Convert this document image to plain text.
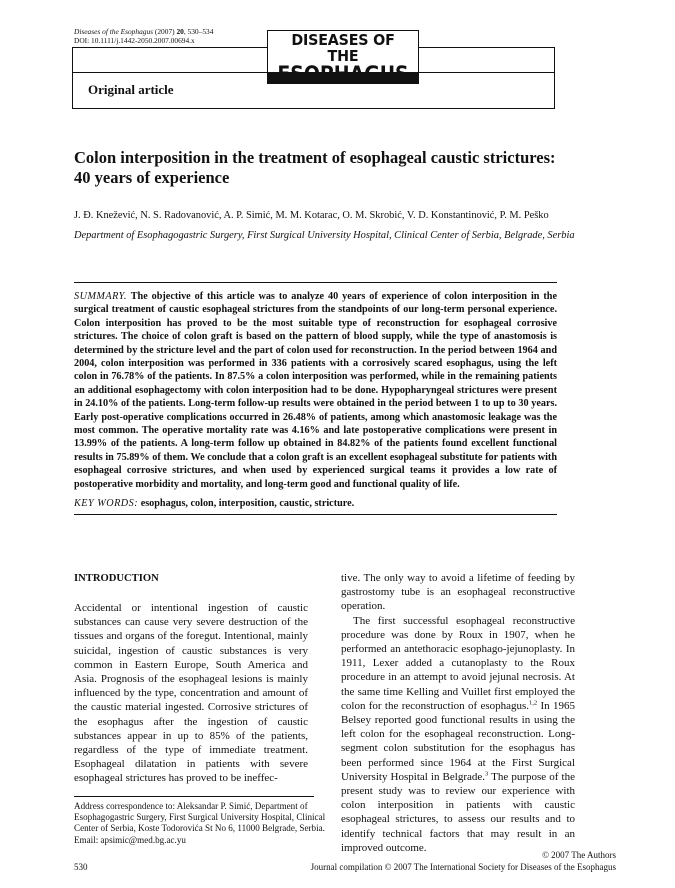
Diseases of the Esophagus (2007) 20, 530–534
DOI: 10.1111/j.1442-2050.2007.00694.x
Original article
DISEASES OF THE
Colon interposition in the treatment of esophageal caustic strictures:
40 years of experience
J. Đ. Knežević, N. S. Radovanović, A. P. Simić, M. M. Kotarac, O. M. Skrobić, V. D. Konstantinović, P. M. Peško
Department of Esophagogastric Surgery, First Surgical University Hospital, Clinical Center of Serbia, Belgrade, Serbia
SUMMARY. The objective of this article was to analyze 40 years of experience of colon interposition in the surgical treatment of caustic esophageal strictures from the standpoints of our long-term personal experience. Colon interposition has proved to be the most suitable type of reconstruction for esophageal corrosive strictures. The choice of colon graft is based on the pattern of blood supply, while the type of anastomosis is determined by the stricture level and the part of colon used for reconstruction. In the period between 1964 and 2004, colon interposition was performed in 336 patients with a corrosively scared esophagus, using the left colon in 76.78% of the patients. In 87.5% a colon interposition was performed, while in the remaining patients an additional esophagectomy with colon interposition had to be done. Hypopharyngeal strictures were present in 24.10% of the patients. Long-term follow-up results were obtained in the period between 1 to up to 30 years. Early post-operative complications occurred in 26.48% of patients, among which anastomosic leakage was the most common. The operative mortality rate was 4.16% and late postoperative complications were present in 13.99% of the patients. A long-term follow up obtained in 84.82% of the patients found excellent functional results in 75.89% of them. We conclude that a colon graft is an excellent esophageal substitute for patients with esophageal corrosive strictures, and when used by experienced surgical teams it provides a low rate of postoperative morbidity and mortality, and long-term good and functional quality of life.
KEY WORDS: esophagus, colon, interposition, caustic, stricture.
INTRODUCTION
Accidental or intentional ingestion of caustic substances can cause very severe destruction of the tissues and organs of the foregut. Intentional, mainly suicidal, ingestion of caustic substances is very common in Eastern Europe, South America and Asia. Prognosis of the esophageal lesions is mainly influenced by the type, concentration and amount of the caustic material ingested. Corrosive strictures of the esophagus after the ingestion of caustic substances appear in up to 85% of the patients, regardless of the type of immediate treatment. Esophageal dilatation in patients with severe esophageal strictures has proved to be ineffec-

tive. The only way to avoid a lifetime of feeding by gastrostomy tube is an esophageal reconstructive operation.

The first successful esophageal reconstructive procedure was done by Roux in 1907, when he performed an antethoracic esophago-jejunoplasty. In 1911, Lexer added a cutanoplasty to the Roux procedure in an attempt to avoid jejunal necrosis. At the same time Kelling and Vuillet first employed the colon for the reconstruction of esophagus.$^{1,2}$ In 1965 Belsey reported good functional results in using the left colon for the esophageal reconstruction. Long-segment colon substitution for the esophagus has been performed since 1964 at the First Surgical University Hospital in Belgrade.$^3$ The purpose of the present study was to review our experience with colon interposition in patients with caustic esophageal strictures, to assess our results and to identify technical factors that may result in an improved outcome.

Address correspondence to: Aleksandar P. Simić, Department of Esophagogastric Surgery, First Surgical University Hospital, Clinical Center of Serbia, Koste Todorovića St No 6, 11000 Belgrade, Serbia. Email: apsimic@med.bg.ac.yu
530
© 2007 The Authors
Journal compilation © 2007 The International Society for Diseases of the Esophagus
